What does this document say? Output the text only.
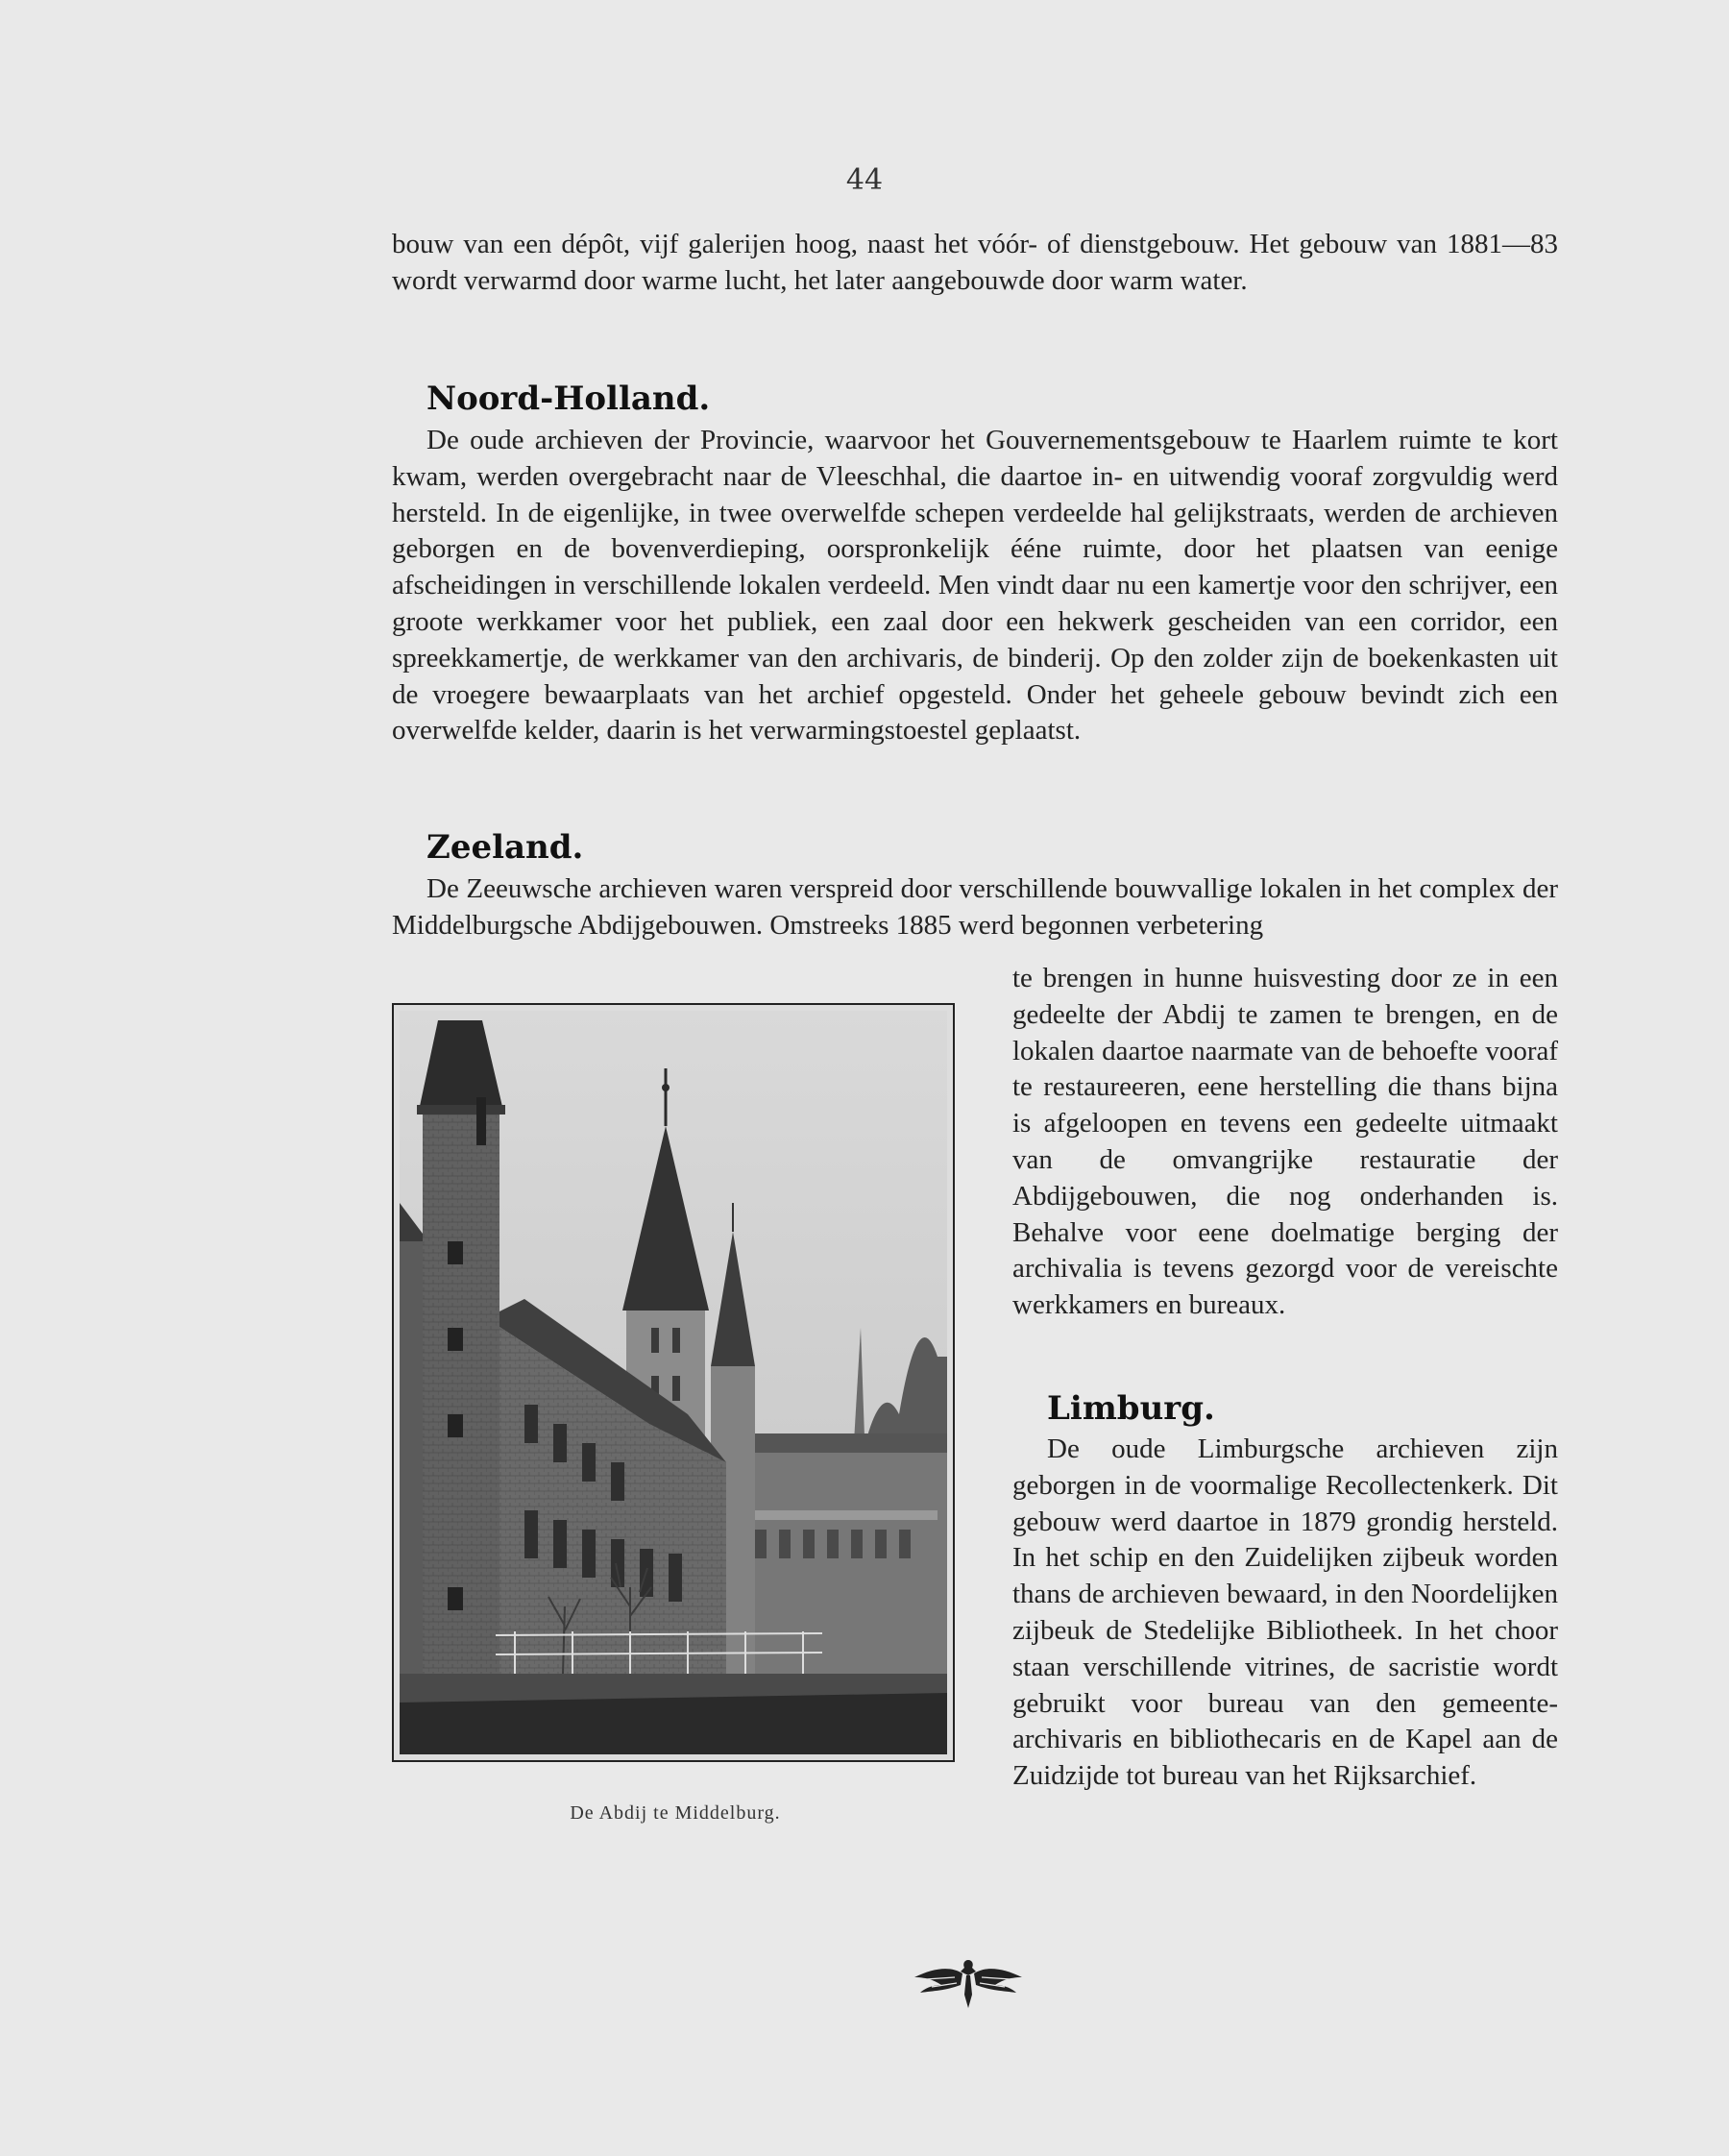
44

bouw van een dépôt, vijf galerijen hoog, naast het vóór- of dienstgebouw. Het gebouw van 1881—83 wordt verwarmd door warme lucht, het later aangebouwde door warm water.

Noord-Holland.

De oude archieven der Provincie, waarvoor het Gouvernementsgebouw te Haarlem ruimte te kort kwam, werden overgebracht naar de Vleeschhal, die daartoe in- en uitwendig vooraf zorgvuldig werd hersteld. In de eigenlijke, in twee overwelfde schepen verdeelde hal gelijkstraats, werden de archieven geborgen en de bovenverdieping, oorspronkelijk ééne ruimte, door het plaatsen van eenige afscheidingen in verschillende lokalen verdeeld. Men vindt daar nu een kamertje voor den schrijver, een groote werkkamer voor het publiek, een zaal door een hekwerk gescheiden van een corridor, een spreekkamertje, de werkkamer van den archivaris, de binderij. Op den zolder zijn de boekenkasten uit de vroegere bewaarplaats van het archief opgesteld. Onder het geheele gebouw bevindt zich een overwelfde kelder, daarin is het verwarmingstoestel geplaatst.

Zeeland.

De Zeeuwsche archieven waren verspreid door verschillende bouwvallige lokalen in het complex der Middelburgsche Abdijgebouwen. Omstreeks 1885 werd begonnen verbetering

te brengen in hunne huisvesting door ze in een gedeelte der Abdij te zamen te brengen, en de lokalen daartoe naarmate van de behoefte vooraf te restaureeren, eene herstelling die thans bijna is afgeloopen en tevens een gedeelte uitmaakt van de omvangrijke restauratie der Abdijgebouwen, die nog onderhanden is. Behalve voor eene doelmatige berging der archivalia is tevens gezorgd voor de vereischte werkkamers en bureaux.

De Abdij te Middelburg.
Limburg.

De oude Limburgsche archieven zijn geborgen in de voormalige Recollectenkerk. Dit gebouw werd daartoe in 1879 grondig hersteld. In het schip en den Zuidelijken zijbeuk worden thans de archieven bewaard, in den Noordelijken zijbeuk de Stedelijke Bibliotheek. In het choor staan verschillende vitrines, de sacristie wordt gebruikt voor bureau van den gemeente-archivaris en bibliothecaris en de Kapel aan de Zuidzijde tot bureau van het Rijksarchief.
